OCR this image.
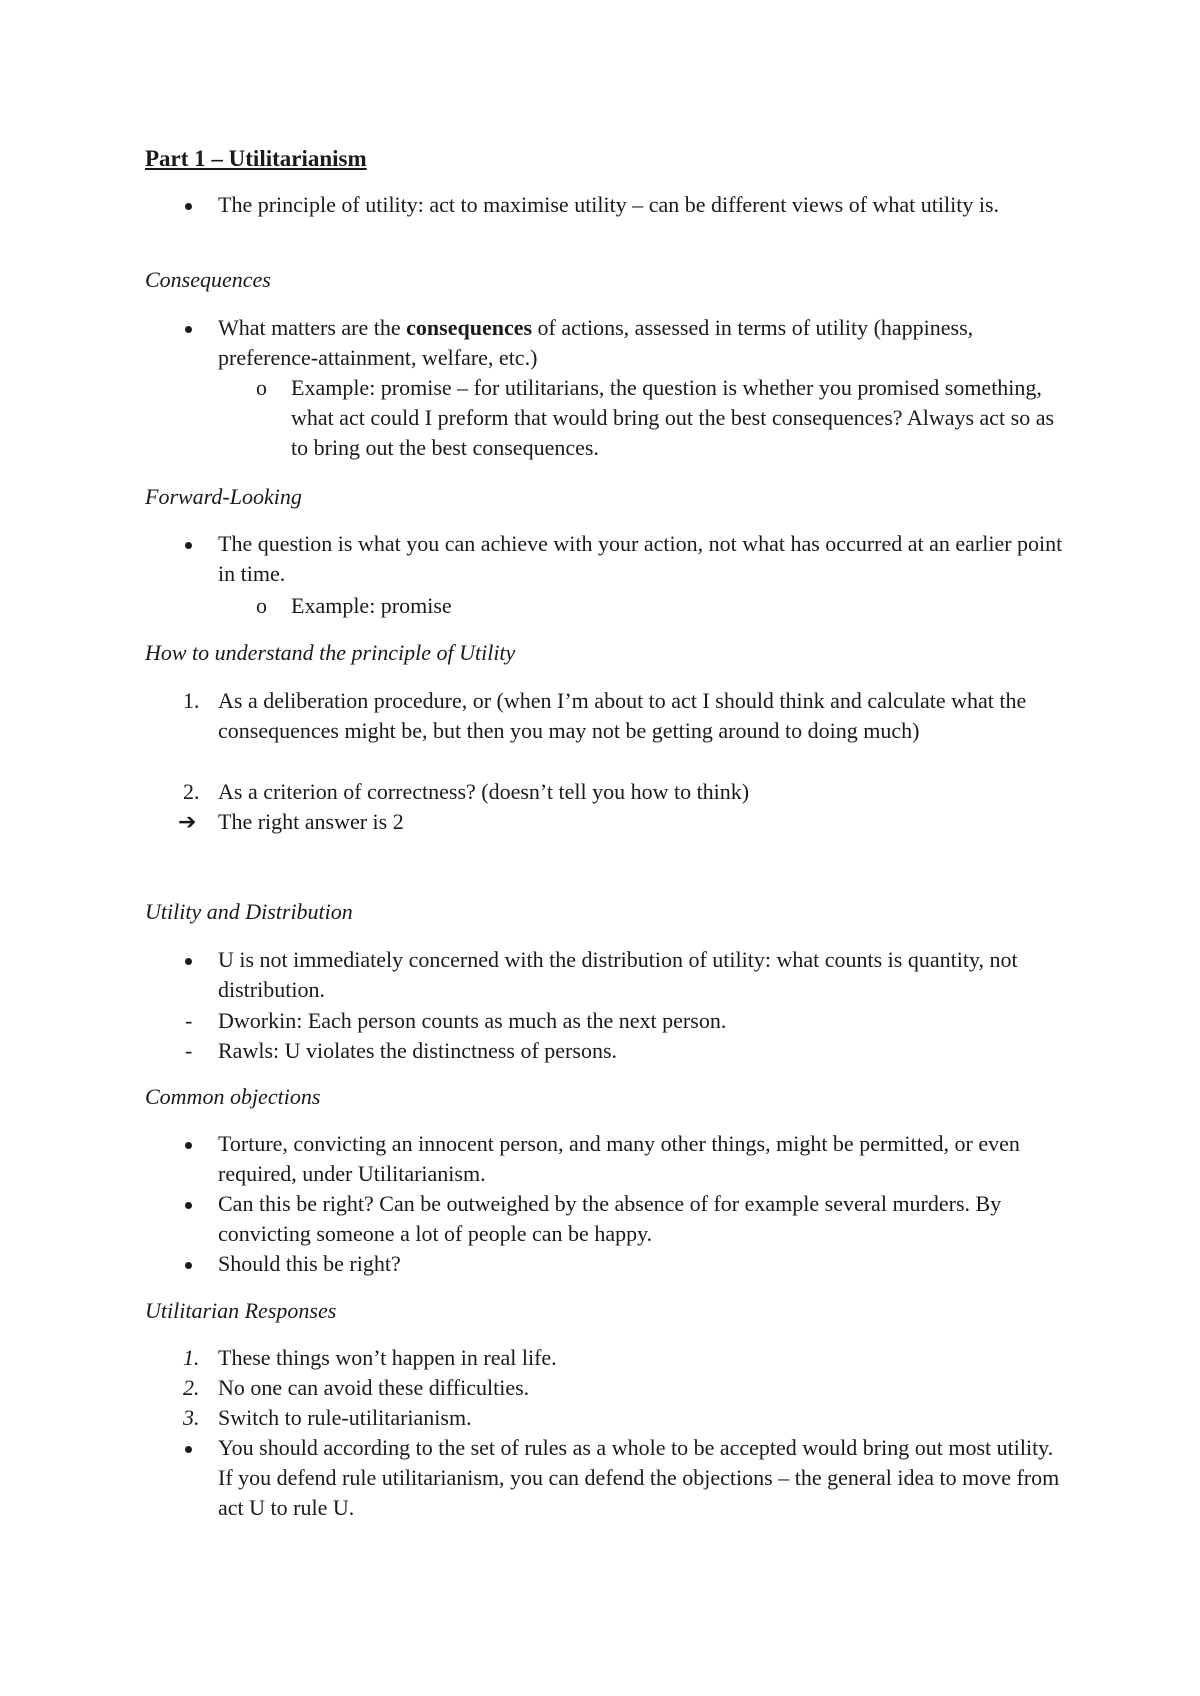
Part 1 – Utilitarianism
The principle of utility: act to maximise utility – can be different views of what utility is.
Consequences
What matters are the consequences of actions, assessed in terms of utility (happiness, preference-attainment, welfare, etc.)
o Example: promise – for utilitarians, the question is whether you promised something, what act could I preform that would bring out the best consequences? Always act so as to bring out the best consequences.
Forward-Looking
The question is what you can achieve with your action, not what has occurred at an earlier point in time.
o Example: promise
How to understand the principle of Utility
1. As a deliberation procedure, or (when I’m about to act I should think and calculate what the consequences might be, but then you may not be getting around to doing much)
2. As a criterion of correctness? (doesn’t tell you how to think)
➔ The right answer is 2
Utility and Distribution
U is not immediately concerned with the distribution of utility: what counts is quantity, not distribution.
- Dworkin: Each person counts as much as the next person.
- Rawls: U violates the distinctness of persons.
Common objections
Torture, convicting an innocent person, and many other things, might be permitted, or even required, under Utilitarianism.
Can this be right? Can be outweighed by the absence of for example several murders. By convicting someone a lot of people can be happy.
Should this be right?
Utilitarian Responses
1. These things won’t happen in real life.
2. No one can avoid these difficulties.
3. Switch to rule-utilitarianism.
You should according to the set of rules as a whole to be accepted would bring out most utility. If you defend rule utilitarianism, you can defend the objections – the general idea to move from act U to rule U.
